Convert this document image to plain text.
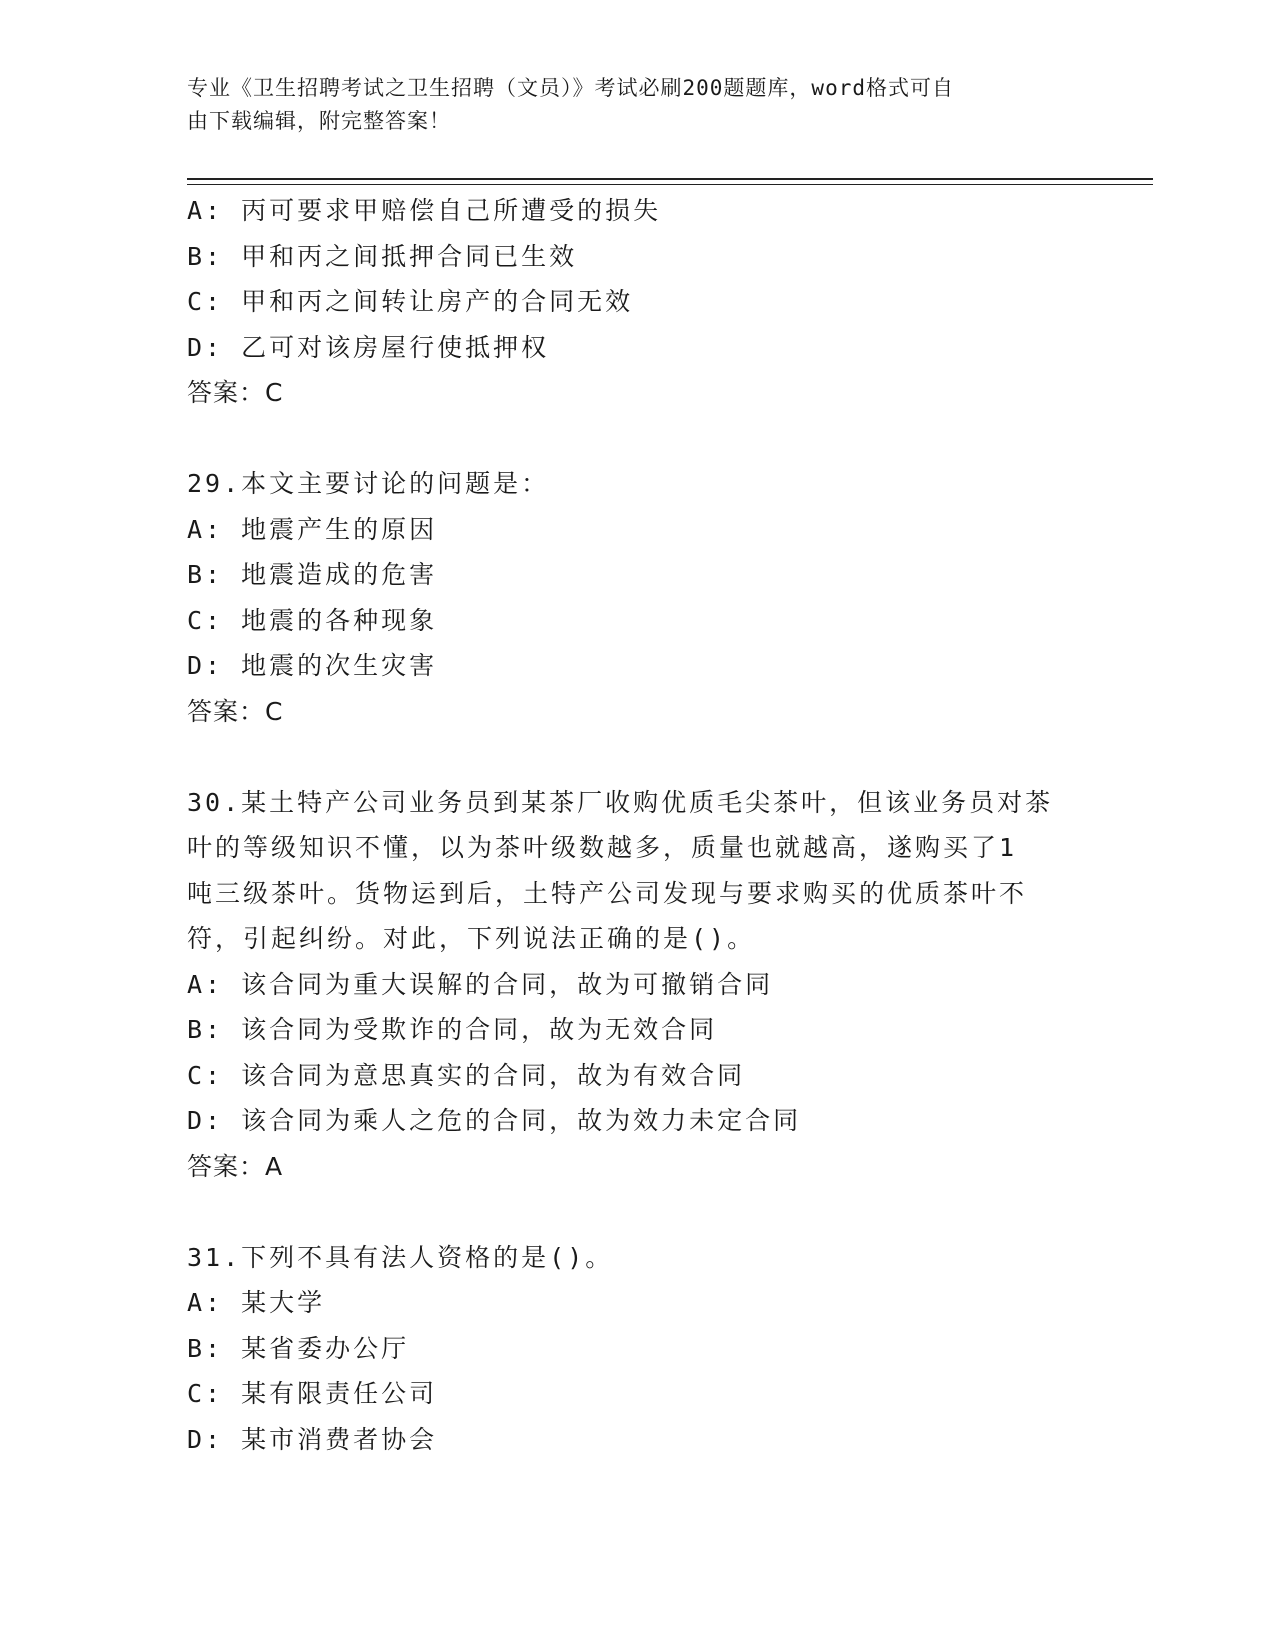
专业《卫生招聘考试之卫生招聘（文员）》考试必刷200题题库，word格式可自
由下载编辑，附完整答案！
A: 丙可要求甲赔偿自己所遭受的损失
B: 甲和丙之间抵押合同已生效
C: 甲和丙之间转让房产的合同无效
D: 乙可对该房屋行使抵押权
答案：C
29.本文主要讨论的问题是：
A: 地震产生的原因
B: 地震造成的危害
C: 地震的各种现象
D: 地震的次生灾害
答案：C
30.某土特产公司业务员到某茶厂收购优质毛尖茶叶，但该业务员对茶
叶的等级知识不懂，以为茶叶级数越多，质量也就越高，遂购买了1
吨三级茶叶。货物运到后，土特产公司发现与要求购买的优质茶叶不
符，引起纠纷。对此，下列说法正确的是()。
A: 该合同为重大误解的合同，故为可撤销合同
B: 该合同为受欺诈的合同，故为无效合同
C: 该合同为意思真实的合同，故为有效合同
D: 该合同为乘人之危的合同，故为效力未定合同
答案：A
31.下列不具有法人资格的是()。
A: 某大学
B: 某省委办公厅
C: 某有限责任公司
D: 某市消费者协会
